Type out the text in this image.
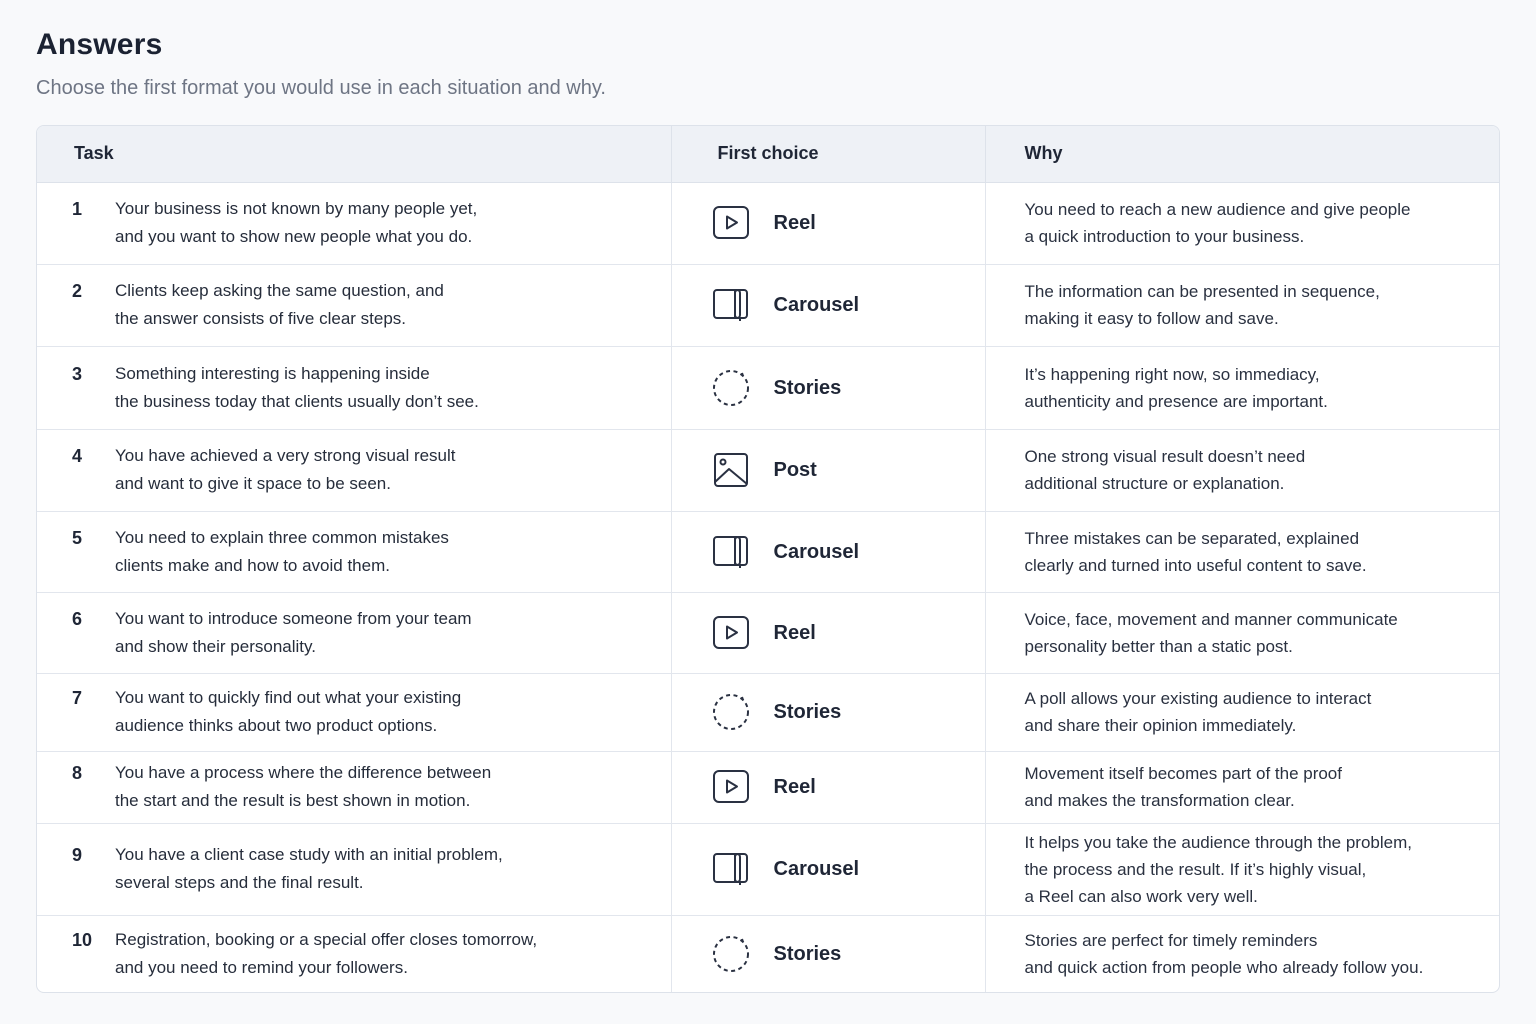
Answers
Choose the first format you would use in each situation and why.
Task	First choice	Why

1 Your business is not known by many people yet,
and you want to show new people what you do.	Reel	You need to reach a new audience and give people
a quick introduction to your business.

2 Clients keep asking the same question, and
the answer consists of five clear steps.	Carousel	The information can be presented in sequence,
making it easy to follow and save.

3 Something interesting is happening inside
the business today that clients usually don’t see.	Stories	It’s happening right now, so immediacy,
authenticity and presence are important.

4 You have achieved a very strong visual result
and want to give it space to be seen.	Post	One strong visual result doesn’t need
additional structure or explanation.

5 You need to explain three common mistakes
clients make and how to avoid them.	Carousel	Three mistakes can be separated, explained
clearly and turned into useful content to save.

6 You want to introduce someone from your team
and show their personality.	Reel	Voice, face, movement and manner communicate
personality better than a static post.

7 You want to quickly find out what your existing
audience thinks about two product options.	Stories	A poll allows your existing audience to interact
and share their opinion immediately.

8 You have a process where the difference between
the start and the result is best shown in motion.	Reel	Movement itself becomes part of the proof
and makes the transformation clear.

9 You have a client case study with an initial problem,
several steps and the final result.	Carousel	It helps you take the audience through the problem,
the process and the result. If it’s highly visual,
a Reel can also work very well.

10 Registration, booking or a special offer closes tomorrow,
and you need to remind your followers.	Stories	Stories are perfect for timely reminders
and quick action from people who already follow you.
